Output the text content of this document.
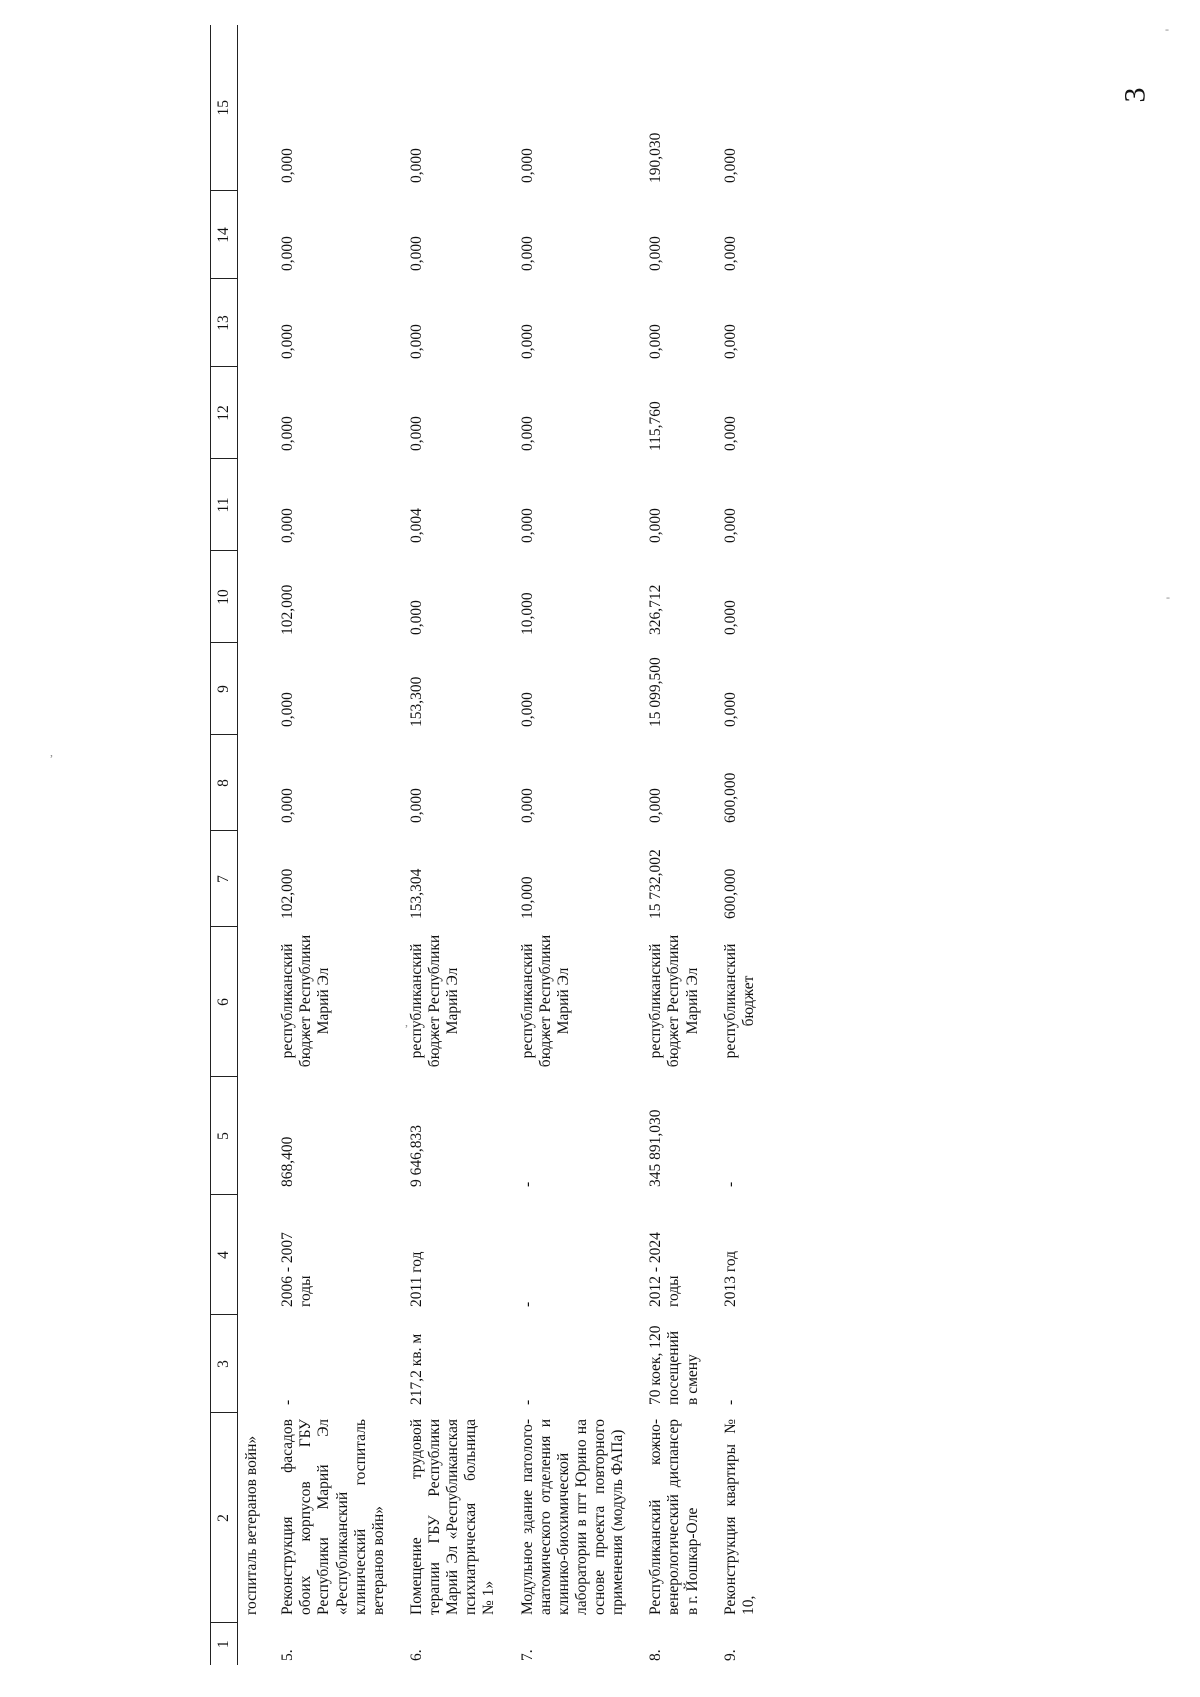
3
-
-
,
,
1	2	3	4	5	6	7	8	9	10	11	12	13	14	15
	госпиталь ветеранов войн»													
5.	Реконструкция фасадов обоих корпусов ГБУ Республики Марий Эл «Республиканский клинический госпиталь ветеранов войн»	-	2006 - 2007 годы	868,400	республиканский бюджет Республики Марий Эл	102,000	0,000	0,000	102,000	0,000	0,000	0,000	0,000	0,000
6.	Помещение трудовой терапии ГБУ Республики Марий Эл «Республиканская психиатрическая больница № 1»	217,2 кв. м	2011 год	9 646,833	республиканский бюджет Республики Марий Эл	153,304	0,000	153,300	0,000	0,004	0,000	0,000	0,000	0,000
7.	Модульное здание патолого-анатомического отделения и клинико-биохимической лаборатории в пгт Юрино на основе проекта повторного применения (модуль ФАПа)	-	-	-	республиканский бюджет Республики Марий Эл	10,000	0,000	0,000	10,000	0,000	0,000	0,000	0,000	0,000
8.	Республиканский кожно-венерологический диспансер в г. Йошкар-Оле	70 коек, 120 посещений в смену	2012 - 2024 годы	345 891,030	республиканский бюджет Республики Марий Эл	15 732,002	0,000	15 099,500	326,712	0,000	115,760	0,000	0,000	190,030
9.	Реконструкция квартиры № 10,	-	2013 год	-	республиканский бюджет	600,000	600,000	0,000	0,000	0,000	0,000	0,000	0,000	0,000
